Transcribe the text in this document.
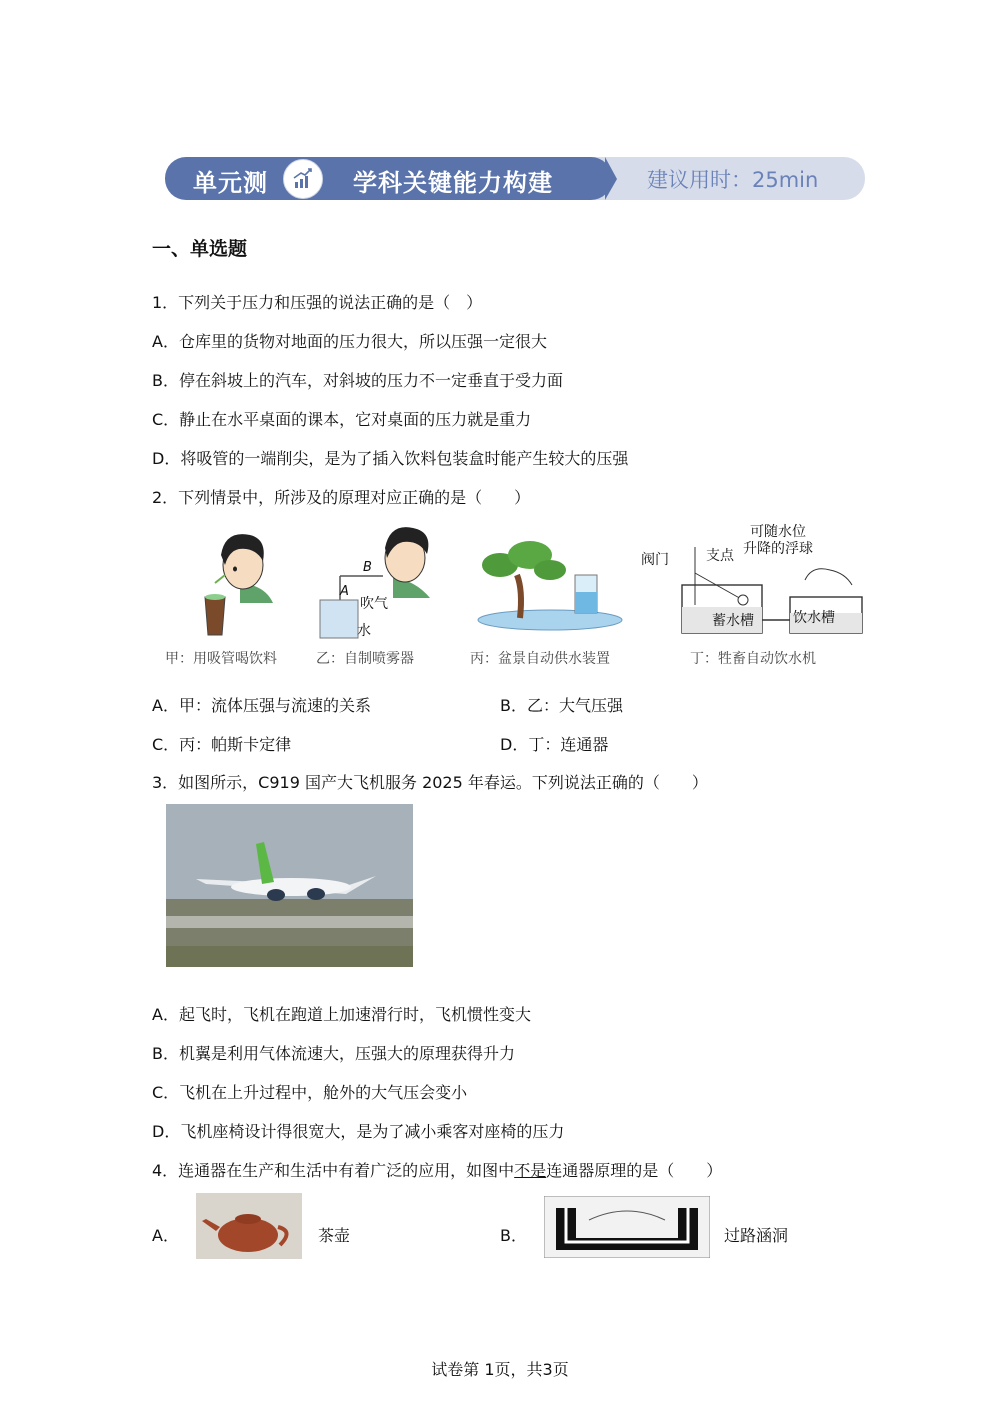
单元测	学科关键能力构建	建议用时：25min
一、单选题
1．下列关于压力和压强的说法正确的是（　）
A．仓库里的货物对地面的压力很大，所以压强一定很大
B．停在斜坡上的汽车，对斜坡的压力不一定垂直于受力面
C．静止在水平桌面的课本，它对桌面的压力就是重力
D．将吸管的一端削尖，是为了插入饮料包装盒时能产生较大的压强
2．下列情景中，所涉及的原理对应正确的是（　　）
甲：用吸管喝饮料
B
A
吹气
水
乙：自制喷雾器	丙：盆景自动供水装置
可随水位
升降的浮球
阀门	支点
蓄水槽	饮水槽
丁：牲畜自动饮水机
A．甲：流体压强与流速的关系	B．乙：大气压强
C．丙：帕斯卡定律	D．丁：连通器
3．如图所示，C919 国产大飞机服务 2025 年春运。下列说法正确的（　　）
A．起飞时，飞机在跑道上加速滑行时，飞机惯性变大
B．机翼是利用气体流速大，压强大的原理获得升力
C．飞机在上升过程中，舱外的大气压会变小
D．飞机座椅设计得很宽大，是为了减小乘客对座椅的压力
4．连通器在生产和生活中有着广泛的应用，如图中不是连通器原理的是（　　）
A．	茶壶	B．	过路涵洞
试卷第 1页，共3页
